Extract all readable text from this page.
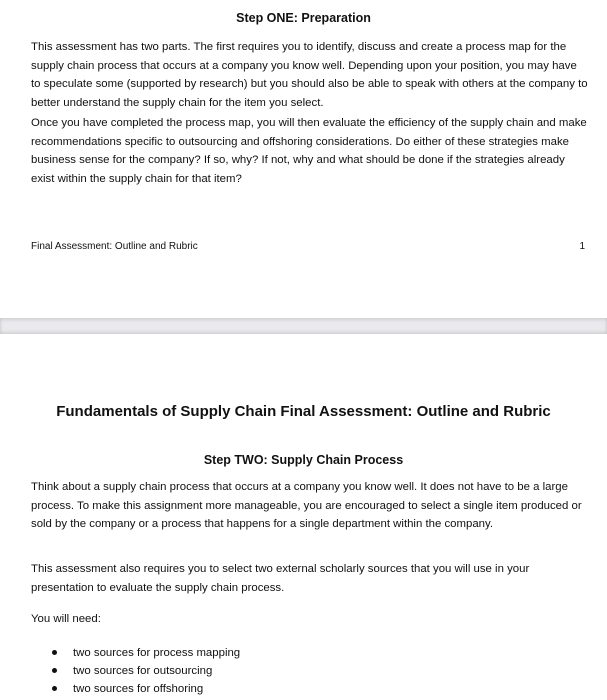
Step ONE: Preparation

This assessment has two parts. The first requires you to identify, discuss and create a process map for the supply chain process that occurs at a company you know well. Depending upon your position, you may have to speculate some (supported by research) but you should also be able to speak with others at the company to better understand the supply chain for the item you select.

Once you have completed the process map, you will then evaluate the efficiency of the supply chain and make recommendations specific to outsourcing and offshoring considerations. Do either of these strategies make business sense for the company? If so, why? If not, why and what should be done if the strategies already exist within the supply chain for that item?

Final Assessment: Outline and Rubric	1
Fundamentals of Supply Chain Final Assessment: Outline and Rubric
Step TWO: Supply Chain Process

Think about a supply chain process that occurs at a company you know well. It does not have to be a large process. To make this assignment more manageable, you are encouraged to select a single item produced or sold by the company or a process that happens for a single department within the company.

This assessment also requires you to select two external scholarly sources that you will use in your presentation to evaluate the supply chain process.

You will need:

two sources for process mapping
two sources for outsourcing
two sources for offshoring
